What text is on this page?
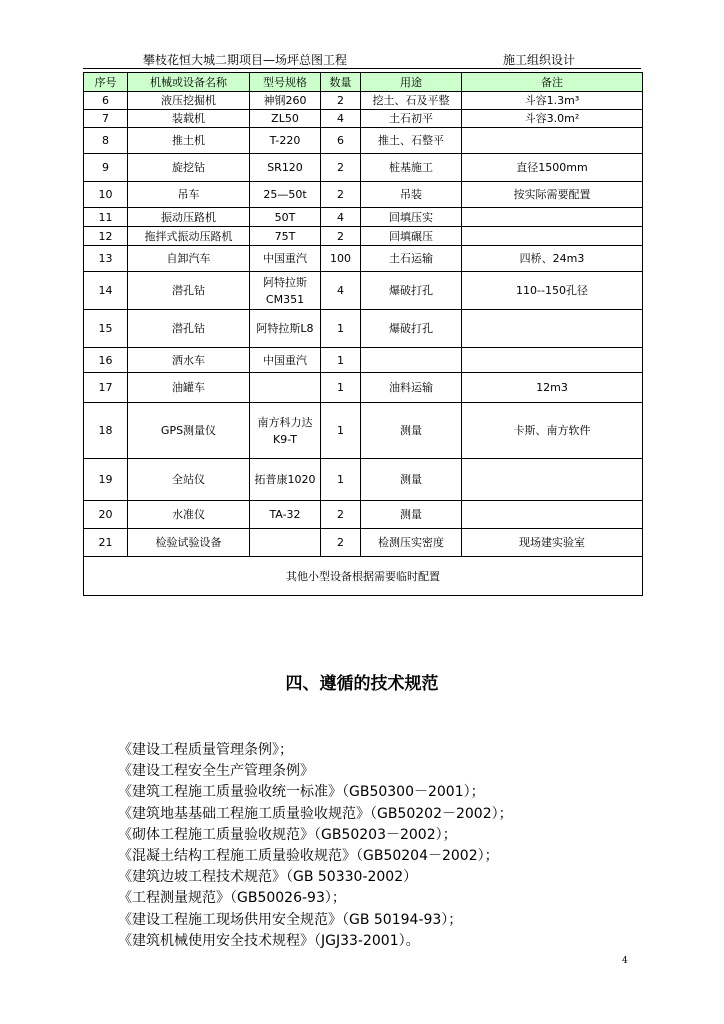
攀枝花恒大城二期项目—场坪总图工程	施工组织设计
序号	机械或设备名称	型号规格	数量	用途	备注
6	液压挖掘机	神钢260	2	挖土、石及平整	斗容1.3m³
7	装载机	ZL50	4	土石初平	斗容3.0m²
8	推土机	T-220	6	推土、石整平	
9	旋挖钻	SR120	2	桩基施工	直径1500mm
10	吊车	25—50t	2	吊装	按实际需要配置
11	振动压路机	50T	4	回填压实	
12	拖拌式振动压路机	75T	2	回填碾压	
13	自卸汽车	中国重汽	100	土石运输	四桥、24m3
14	潜孔钻	阿特拉斯CM351	4	爆破打孔	110--150孔径
15	潜孔钻	阿特拉斯L8	1	爆破打孔	
16	洒水车	中国重汽	1		
17	油罐车		1	油料运输	12m3
18	GPS测量仪	南方科力达K9-T	1	测量	卡斯、南方软件
19	全站仪	拓普康1020	1	测量	
20	水准仪	TA-32	2	测量	
21	检验试验设备		2	检测压实密度	现场建实验室
其他小型设备根据需要临时配置					
四、遵循的技术规范
《建设工程质量管理条例》；
《建设工程安全生产管理条例》
《建筑工程施工质量验收统一标准》（GB50300－2001）；
《建筑地基基础工程施工质量验收规范》（GB50202－2002）；
《砌体工程施工质量验收规范》（GB50203－2002）；
《混凝土结构工程施工质量验收规范》（GB50204－2002）；
《建筑边坡工程技术规范》（GB 50330-2002）
《工程测量规范》（GB50026-93）；
《建设工程施工现场供用安全规范》（GB 50194-93）；
《建筑机械使用安全技术规程》（JGJ33-2001）。
4
